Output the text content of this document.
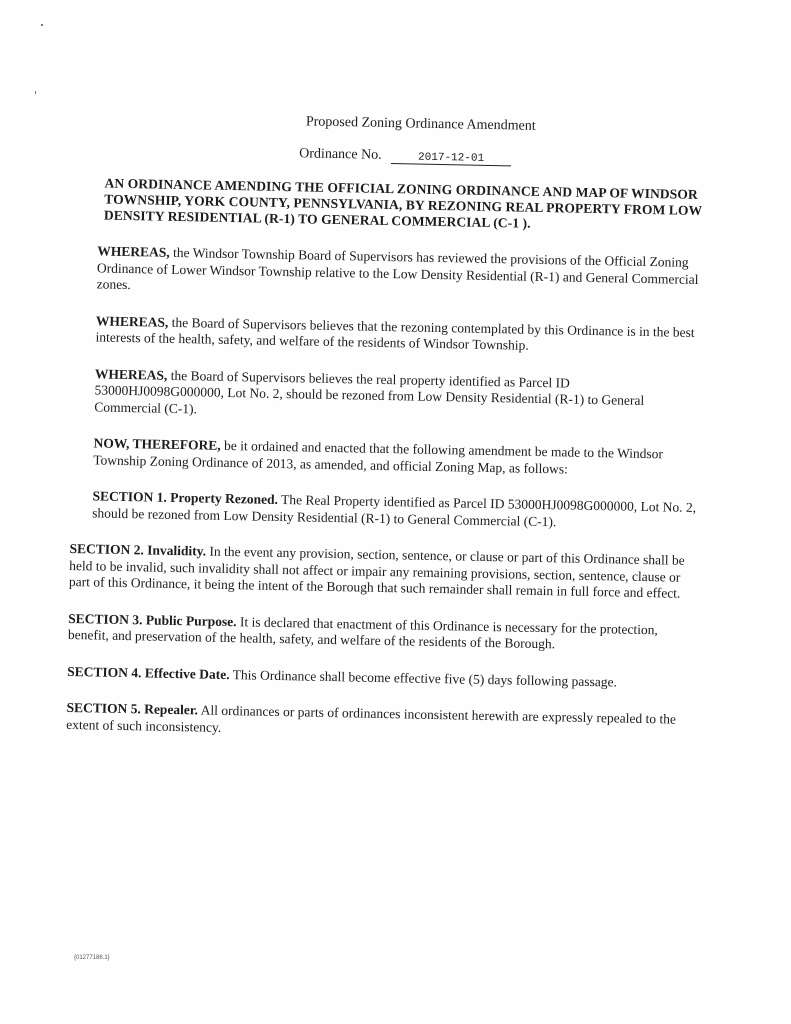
Proposed Zoning Ordinance Amendment

Ordinance No.	2017-12-01

AN ORDINANCE AMENDING THE OFFICIAL ZONING ORDINANCE AND MAP OF WINDSOR TOWNSHIP, YORK COUNTY, PENNSYLVANIA, BY REZONING REAL PROPERTY FROM LOW DENSITY RESIDENTIAL (R-1) TO GENERAL COMMERCIAL (C-1 ).

WHEREAS, the Windsor Township Board of Supervisors has reviewed the provisions of the Official Zoning Ordinance of Lower Windsor Township relative to the Low Density Residential (R-1) and General Commercial zones.

WHEREAS, the Board of Supervisors believes that the rezoning contemplated by this Ordinance is in the best interests of the health, safety, and welfare of the residents of Windsor Township.

WHEREAS, the Board of Supervisors believes the real property identified as Parcel ID 53000HJ0098G000000, Lot No. 2, should be rezoned from Low Density Residential (R-1) to General Commercial (C-1).

NOW, THEREFORE, be it ordained and enacted that the following amendment be made to the Windsor Township Zoning Ordinance of 2013, as amended, and official Zoning Map, as follows:

SECTION 1. Property Rezoned. The Real Property identified as Parcel ID 53000HJ0098G000000, Lot No. 2, should be rezoned from Low Density Residential (R-1) to General Commercial (C-1).

SECTION 2. Invalidity. In the event any provision, section, sentence, or clause or part of this Ordinance shall be held to be invalid, such invalidity shall not affect or impair any remaining provisions, section, sentence, clause or part of this Ordinance, it being the intent of the Borough that such remainder shall remain in full force and effect.

SECTION 3. Public Purpose. It is declared that enactment of this Ordinance is necessary for the protection, benefit, and preservation of the health, safety, and welfare of the residents of the Borough.

SECTION 4. Effective Date. This Ordinance shall become effective five (5) days following passage.

SECTION 5. Repealer. All ordinances or parts of ordinances inconsistent herewith are expressly repealed to the extent of such inconsistency.

{01277186.1}
